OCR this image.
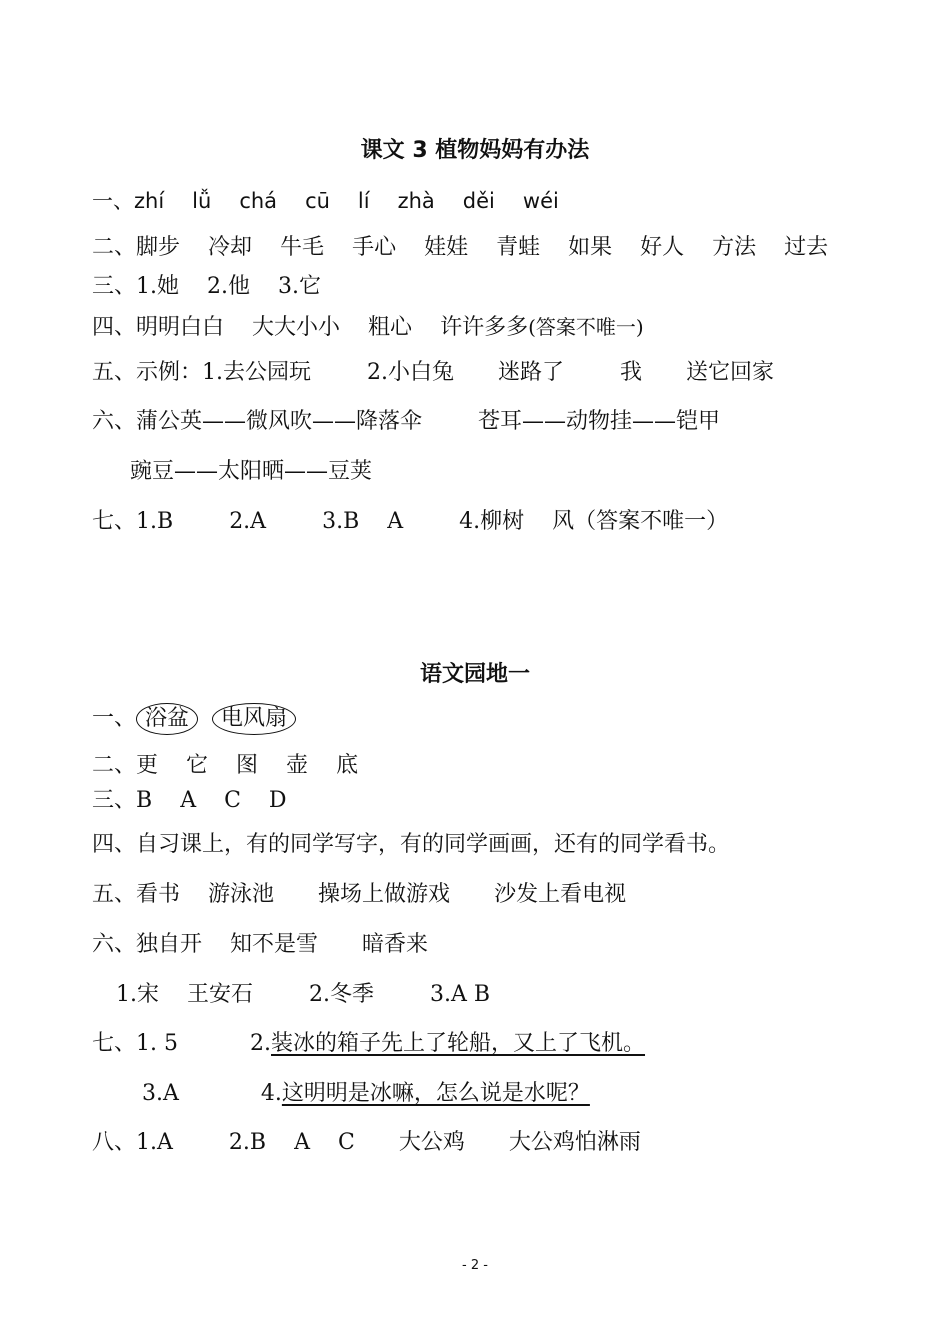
课文 3 植物妈妈有办法
一、zhí lǚ chá cū lí zhà děi wéi
二、脚步 冷却 牛毛 手心 娃娃 青蛙 如果 好人 方法 过去
三、1.她 2.他 3.它
四、明明白白 大大小小 粗心 许许多多(答案不唯一)
五、示例：1.去公园玩	2.小白兔 迷路了	我 送它回家
六、蒲公英——微风吹——降落伞	苍耳——动物挂——铠甲
豌豆——太阳晒——豆荚
七、1.B	2.A	3.B A	4.柳树 风（答案不唯一）
语文园地一
一、 浴盆 电风扇
二、更 它 图 壶 底
三、B A C D
四、自习课上，有的同学写字，有的同学画画，还有的同学看书。
五、看书 游泳池 操场上做游戏 沙发上看电视
六、独自开 知不是雪 暗香来
1.宋 王安石	2.冬季	3.A B
七、1. 5	2.装冰的箱子先上了轮船，又上了飞机。
3.A	4.这明明是冰嘛，怎么说是水呢？
八、1.A	2.B A C 大公鸡 大公鸡怕淋雨
- 2 -
